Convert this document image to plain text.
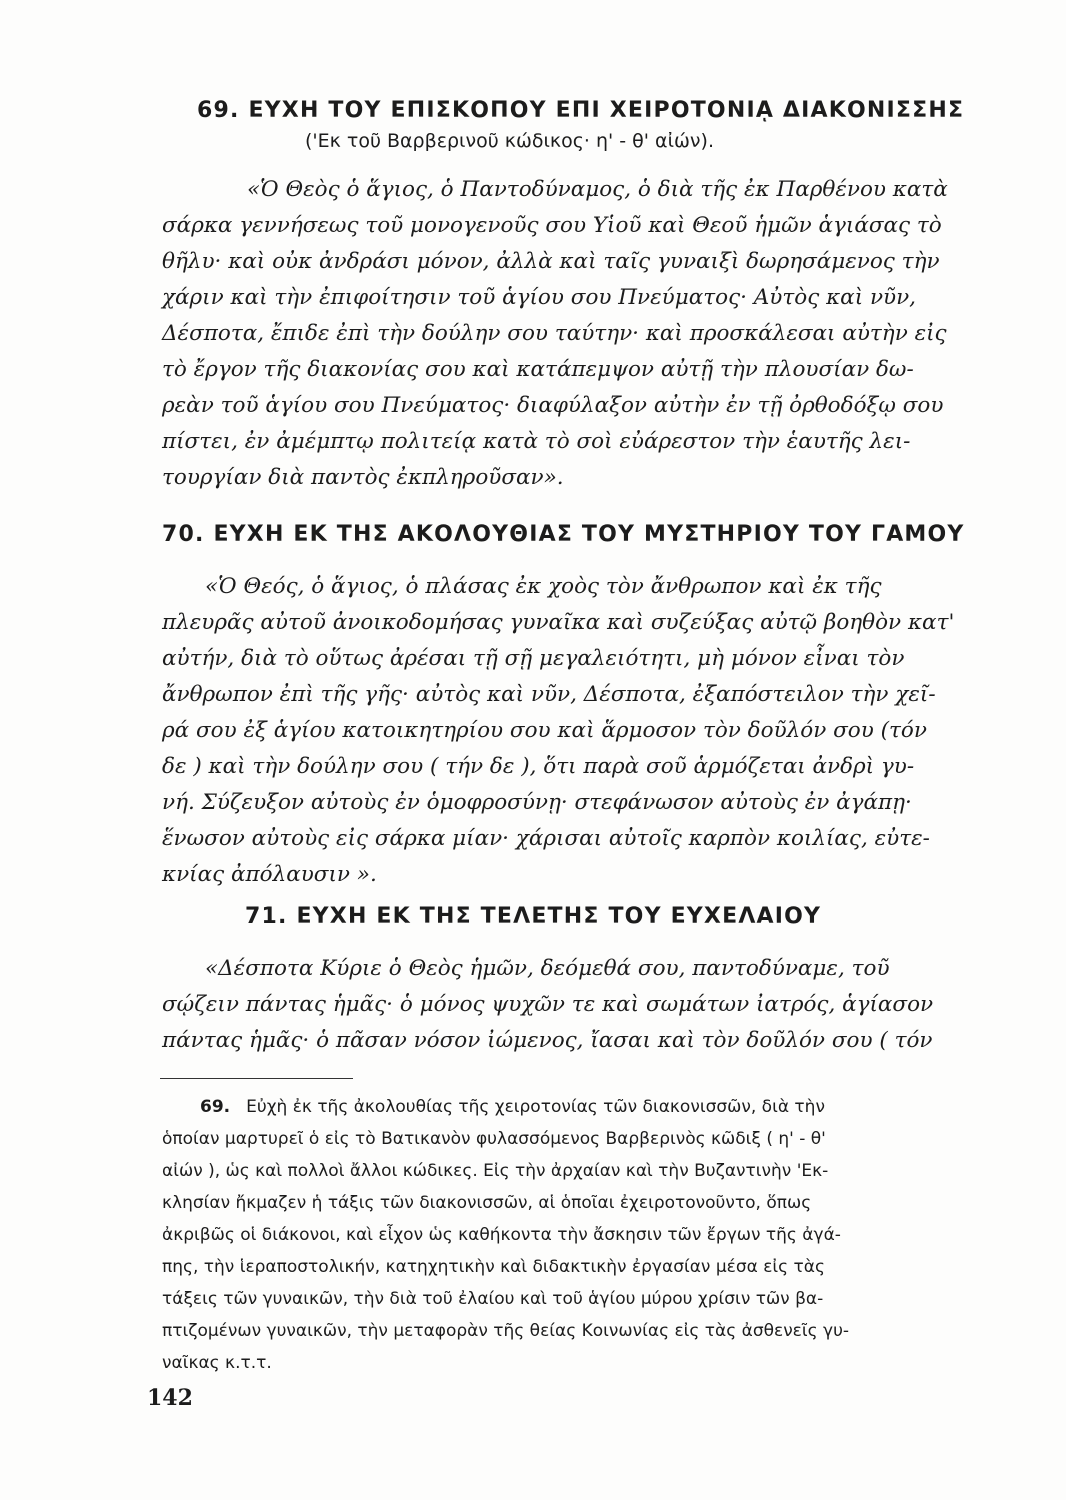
69. ΕΥΧΗ ΤΟΥ ΕΠΙΣΚΟΠΟΥ ΕΠΙ ΧΕΙΡΟΤΟΝΙᾼ ΔΙΑΚΟΝΙΣΣΗΣ
('Εκ τοῦ Βαρβερινοῦ κώδικος· η' - θ' αἰών).
«Ὁ Θεὸς ὁ ἅγιος, ὁ Παντοδύναμος, ὁ διὰ τῆς ἐκ Παρθένου κατὰ
σάρκα γεννήσεως τοῦ μονογενοῦς σου Υἱοῦ καὶ Θεοῦ ἡμῶν ἁγιάσας τὸ
θῆλυ· καὶ οὐκ ἀνδράσι μόνον, ἀλλὰ καὶ ταῖς γυναιξὶ δωρησάμενος τὴν
χάριν καὶ τὴν ἐπιφοίτησιν τοῦ ἁγίου σου Πνεύματος· Αὐτὸς καὶ νῦν,
Δέσποτα, ἔπιδε ἐπὶ τὴν δούλην σου ταύτην· καὶ προσκάλεσαι αὐτὴν εἰς
τὸ ἔργον τῆς διακονίας σου καὶ κατάπεμψον αὐτῇ τὴν πλουσίαν δω-
ρεὰν τοῦ ἁγίου σου Πνεύματος· διαφύλαξον αὐτὴν ἐν τῇ ὀρθοδόξῳ σου
πίστει, ἐν ἀμέμπτῳ πολιτείᾳ κατὰ τὸ σοὶ εὐάρεστον τὴν ἑαυτῆς λει-
τουργίαν διὰ παντὸς ἐκπληροῦσαν».
70. ΕΥΧΗ ΕΚ ΤΗΣ ΑΚΟΛΟΥΘΙΑΣ ΤΟΥ ΜΥΣΤΗΡΙΟΥ ΤΟΥ ΓΑΜΟΥ
«Ὁ Θεός, ὁ ἅγιος, ὁ πλάσας ἐκ χοὸς τὸν ἄνθρωπον καὶ ἐκ τῆς
πλευρᾶς αὐτοῦ ἀνοικοδομήσας γυναῖκα καὶ συζεύξας αὐτῷ βοηθὸν κατ'
αὐτήν, διὰ τὸ οὕτως ἀρέσαι τῇ σῇ μεγαλειότητι, μὴ μόνον εἶναι τὸν
ἄνθρωπον ἐπὶ τῆς γῆς· αὐτὸς καὶ νῦν, Δέσποτα, ἐξαπόστειλον τὴν χεῖ-
ρά σου ἐξ ἁγίου κατοικητηρίου σου καὶ ἅρμοσον τὸν δοῦλόν σου (τόν
δε ) καὶ τὴν δούλην σου ( τήν δε ), ὅτι παρὰ σοῦ ἁρμόζεται ἀνδρὶ γυ-
νή. Σύζευξον αὐτοὺς ἐν ὁμοφροσύνῃ· στεφάνωσον αὐτοὺς ἐν ἀγάπῃ·
ἕνωσον αὐτοὺς εἰς σάρκα μίαν· χάρισαι αὐτοῖς καρπὸν κοιλίας, εὐτε-
κνίας ἀπόλαυσιν ».
71. ΕΥΧΗ ΕΚ ΤΗΣ ΤΕΛΕΤΗΣ ΤΟΥ ΕΥΧΕΛΑΙΟΥ
«Δέσποτα Κύριε ὁ Θεὸς ἡμῶν, δεόμεθά σου, παντοδύναμε, τοῦ
σῴζειν πάντας ἡμᾶς· ὁ μόνος ψυχῶν τε καὶ σωμάτων ἰατρός, ἁγίασον
πάντας ἡμᾶς· ὁ πᾶσαν νόσον ἰώμενος, ἴασαι καὶ τὸν δοῦλόν σου ( τόν
69. Εὐχὴ ἐκ τῆς ἀκολουθίας τῆς χειροτονίας τῶν διακονισσῶν, διὰ τὴν
ὁποίαν μαρτυρεῖ ὁ εἰς τὸ Βατικανὸν φυλασσόμενος Βαρβερινὸς κῶδιξ ( η' - θ'
αἰών ), ὡς καὶ πολλοὶ ἄλλοι κώδικες. Εἰς τὴν ἀρχαίαν καὶ τὴν Βυζαντινὴν 'Εκ-
κλησίαν ἤκμαζεν ἡ τάξις τῶν διακονισσῶν, αἱ ὁποῖαι ἐχειροτονοῦντο, ὅπως
ἀκριβῶς οἱ διάκονοι, καὶ εἶχον ὡς καθήκοντα τὴν ἄσκησιν τῶν ἔργων τῆς ἀγά-
πης, τὴν ἱεραποστολικήν, κατηχητικὴν καὶ διδακτικὴν ἐργασίαν μέσα εἰς τὰς
τάξεις τῶν γυναικῶν, τὴν διὰ τοῦ ἐλαίου καὶ τοῦ ἁγίου μύρου χρίσιν τῶν βα-
πτιζομένων γυναικῶν, τὴν μεταφορὰν τῆς θείας Κοινωνίας εἰς τὰς ἀσθενεῖς γυ-
ναῖκας κ.τ.τ.
142
